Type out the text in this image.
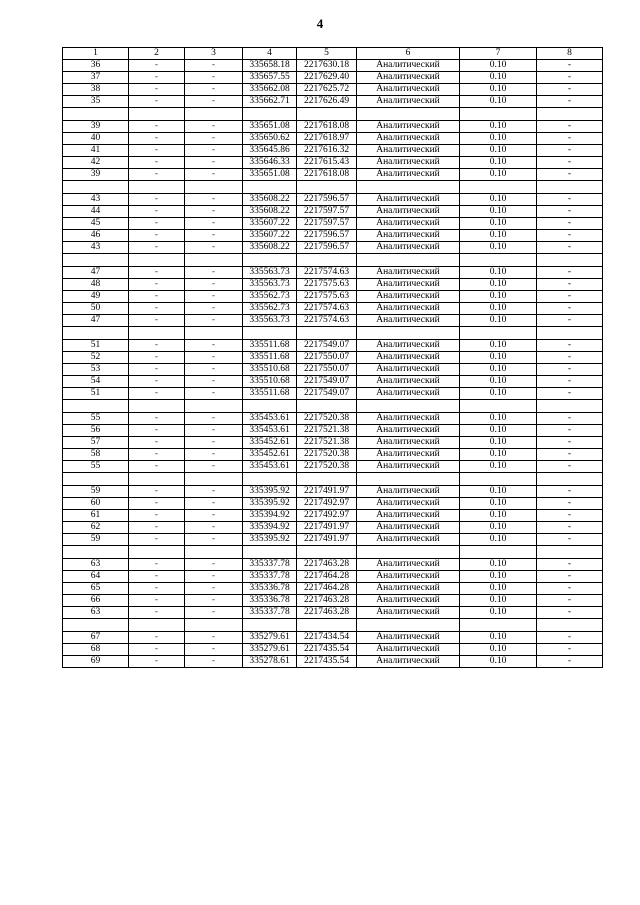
4
1	2	3	4	5	6	7	8
36	-	-	335658.18	2217630.18	Аналитический	0.10	-
37	-	-	335657.55	2217629.40	Аналитический	0.10	-
38	-	-	335662.08	2217625.72	Аналитический	0.10	-
35	-	-	335662.71	2217626.49	Аналитический	0.10	-

39	-	-	335651.08	2217618.08	Аналитический	0.10	-
40	-	-	335650.62	2217618.97	Аналитический	0.10	-
41	-	-	335645.86	2217616.32	Аналитический	0.10	-
42	-	-	335646.33	2217615.43	Аналитический	0.10	-
39	-	-	335651.08	2217618.08	Аналитический	0.10	-

43	-	-	335608.22	2217596.57	Аналитический	0.10	-
44	-	-	335608.22	2217597.57	Аналитический	0.10	-
45	-	-	335607.22	2217597.57	Аналитический	0.10	-
46	-	-	335607.22	2217596.57	Аналитический	0.10	-
43	-	-	335608.22	2217596.57	Аналитический	0.10	-

47	-	-	335563.73	2217574.63	Аналитический	0.10	-
48	-	-	335563.73	2217575.63	Аналитический	0.10	-
49	-	-	335562.73	2217575.63	Аналитический	0.10	-
50	-	-	335562.73	2217574.63	Аналитический	0.10	-
47	-	-	335563.73	2217574.63	Аналитический	0.10	-

51	-	-	335511.68	2217549.07	Аналитический	0.10	-
52	-	-	335511.68	2217550.07	Аналитический	0.10	-
53	-	-	335510.68	2217550.07	Аналитический	0.10	-
54	-	-	335510.68	2217549.07	Аналитический	0.10	-
51	-	-	335511.68	2217549.07	Аналитический	0.10	-

55	-	-	335453.61	2217520.38	Аналитический	0.10	-
56	-	-	335453.61	2217521.38	Аналитический	0.10	-
57	-	-	335452.61	2217521.38	Аналитический	0.10	-
58	-	-	335452.61	2217520.38	Аналитический	0.10	-
55	-	-	335453.61	2217520.38	Аналитический	0.10	-

59	-	-	335395.92	2217491.97	Аналитический	0.10	-
60	-	-	335395.92	2217492.97	Аналитический	0.10	-
61	-	-	335394.92	2217492.97	Аналитический	0.10	-
62	-	-	335394.92	2217491.97	Аналитический	0.10	-
59	-	-	335395.92	2217491.97	Аналитический	0.10	-

63	-	-	335337.78	2217463.28	Аналитический	0.10	-
64	-	-	335337.78	2217464.28	Аналитический	0.10	-
65	-	-	335336.78	2217464.28	Аналитический	0.10	-
66	-	-	335336.78	2217463.28	Аналитический	0.10	-
63	-	-	335337.78	2217463.28	Аналитический	0.10	-

67	-	-	335279.61	2217434.54	Аналитический	0.10	-
68	-	-	335279.61	2217435.54	Аналитический	0.10	-
69	-	-	335278.61	2217435.54	Аналитический	0.10	-
